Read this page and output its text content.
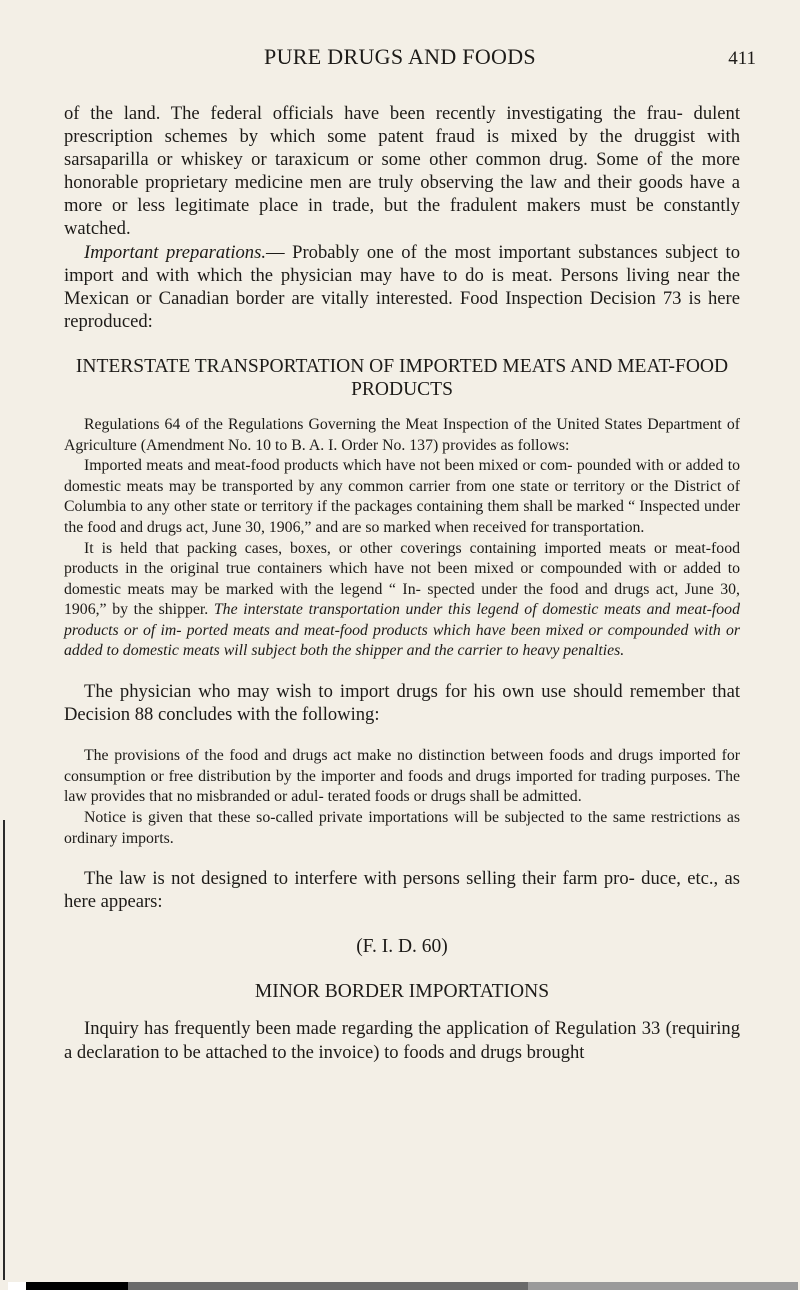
PURE DRUGS AND FOODS	411

of the land. The federal officials have been recently investigating the frau- dulent prescription schemes by which some patent fraud is mixed by the druggist with sarsaparilla or whiskey or taraxicum or some other common drug. Some of the more honorable proprietary medicine men are truly observing the law and their goods have a more or less legitimate place in trade, but the fradulent makers must be constantly watched.

Important preparations.— Probably one of the most important substances subject to import and with which the physician may have to do is meat. Persons living near the Mexican or Canadian border are vitally interested. Food Inspection Decision 73 is here reproduced:

INTERSTATE TRANSPORTATION OF IMPORTED MEATS AND MEAT-FOOD PRODUCTS

Regulations 64 of the Regulations Governing the Meat Inspection of the United States Department of Agriculture (Amendment No. 10 to B. A. I. Order No. 137) provides as follows:

Imported meats and meat-food products which have not been mixed or com- pounded with or added to domestic meats may be transported by any common carrier from one state or territory or the District of Columbia to any other state or territory if the packages containing them shall be marked “ Inspected under the food and drugs act, June 30, 1906,” and are so marked when received for transportation.

It is held that packing cases, boxes, or other coverings containing imported meats or meat-food products in the original true containers which have not been mixed or compounded with or added to domestic meats may be marked with the legend “ In- spected under the food and drugs act, June 30, 1906,” by the shipper. The interstate transportation under this legend of domestic meats and meat-food products or of im- ported meats and meat-food products which have been mixed or compounded with or added to domestic meats will subject both the shipper and the carrier to heavy penalties.

The physician who may wish to import drugs for his own use should remember that Decision 88 concludes with the following:

The provisions of the food and drugs act make no distinction between foods and drugs imported for consumption or free distribution by the importer and foods and drugs imported for trading purposes. The law provides that no misbranded or adul- terated foods or drugs shall be admitted.

Notice is given that these so-called private importations will be subjected to the same restrictions as ordinary imports.

The law is not designed to interfere with persons selling their farm pro- duce, etc., as here appears:

(F. I. D. 60)

MINOR BORDER IMPORTATIONS

Inquiry has frequently been made regarding the application of Regulation 33 (requiring a declaration to be attached to the invoice) to foods and drugs brought
